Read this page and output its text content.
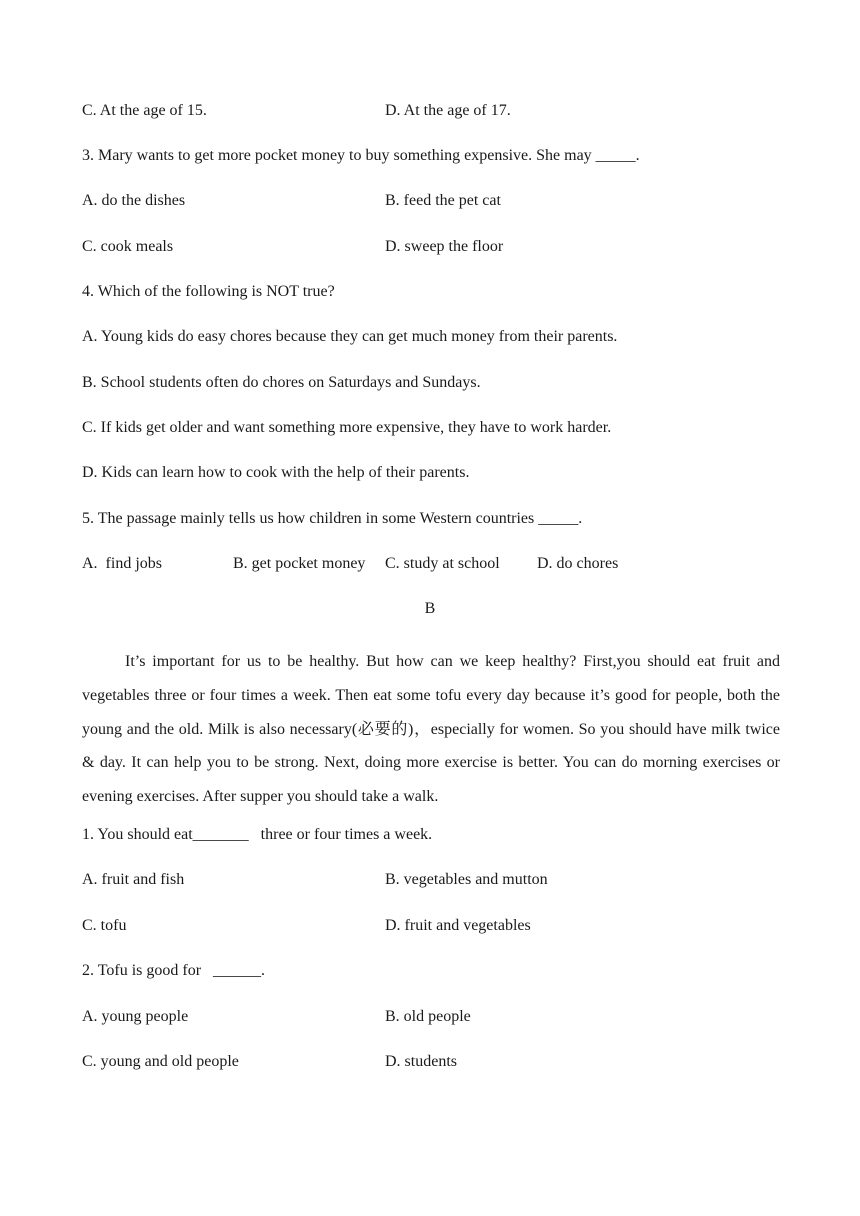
C. At the age of 15.	D. At the age of 17.
3. Mary wants to get more pocket money to buy something expensive. She may _____.
A. do the dishes	B. feed the pet cat
C. cook meals	D. sweep the floor
4. Which of the following is NOT true?
A. Young kids do easy chores because they can get much money from their parents.
B. School students often do chores on Saturdays and Sundays.
C. If kids get older and want something more expensive, they have to work harder.
D. Kids can learn how to cook with the help of their parents.
5. The passage mainly tells us how children in some Western countries _____.
A.  find jobs	B. get pocket money C. study at school D. do chores
B
It’s important for us to be healthy. But how can we keep healthy? First,you should eat fruit and vegetables three or four times a week. Then eat some tofu every day because it’s good for people, both the young and the old. Milk is also necessary(必要的)，especially for women. So you should have milk twice & day. It can help you to be strong. Next, doing more exercise is better. You can do morning exercises or evening exercises. After supper you should take a walk.
1. You should eat_______   three or four times a week.
A. fruit and fish	B. vegetables and mutton
C. tofu	D. fruit and vegetables
2. Tofu is good for   ______.
A. young people	B. old people
C. young and old people	D. students
